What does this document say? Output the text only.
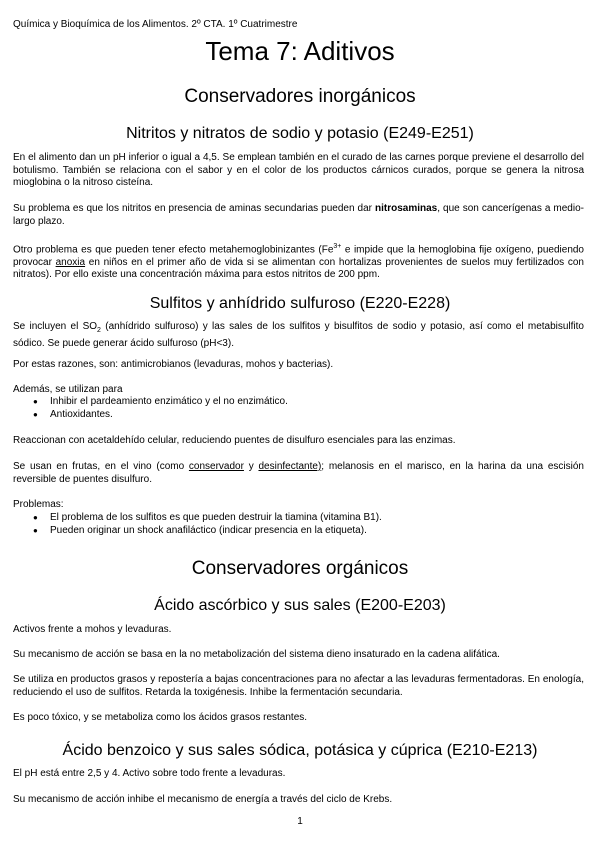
Química y Bioquímica de los Alimentos. 2º CTA. 1º Cuatrimestre
Tema 7: Aditivos
Conservadores inorgánicos
Nitritos y nitratos de sodio y potasio (E249-E251)
En el alimento dan un pH inferior o igual a 4,5. Se emplean también en el curado de las carnes porque previene el desarrollo del botulismo. También se relaciona con el sabor y en el color de los productos cárnicos curados, porque se genera la nitrosa mioglobina o la nitroso cisteína.
Su problema es que los nitritos en presencia de aminas secundarias pueden dar nitrosaminas, que son cancerígenas a medio-largo plazo.
Otro problema es que pueden tener efecto metahemoglobinizantes ($Fe^{3+}$ e impide que la hemoglobina fije oxígeno, puediendo provocar anoxia en niños en el primer año de vida si se alimentan con hortalizas provenientes de suelos muy fertilizados con nitratos). Por ello existe una concentración máxima para estos nitritos de 200 ppm.
Sulfitos y anhídrido sulfuroso (E220-E228)
Se incluyen el $SO_2$ (anhídrido sulfuroso) y las sales de los sulfitos y bisulfitos de sodio y potasio, así como el metabisulfito sódico. Se puede generar ácido sulfuroso (pH<3).
Por estas razones, son: antimicrobianos (levaduras, mohos y bacterias).
Además, se utilizan para
● Inhibir el pardeamiento enzimático y el no enzimático.
● Antioxidantes.
Reaccionan con acetaldehído celular, reduciendo puentes de disulfuro esenciales para las enzimas.
Se usan en frutas, en el vino (como conservador y desinfectante); melanosis en el marisco, en la harina da una escisión reversible de puentes disulfuro.
Problemas:
● El problema de los sulfitos es que pueden destruir la tiamina (vitamina B1).
● Pueden originar un shock anafiláctico (indicar presencia en la etiqueta).
Conservadores orgánicos
Ácido ascórbico y sus sales (E200-E203)
Activos frente a mohos y levaduras.
Su mecanismo de acción se basa en la no metabolización del sistema dieno insaturado en la cadena alifática.
Se utiliza en productos grasos y repostería a bajas concentraciones para no afectar a las levaduras fermentadoras. En enología, reduciendo el uso de sulfitos. Retarda la toxigénesis. Inhibe la fermentación secundaria.
Es poco tóxico, y se metaboliza como los ácidos grasos restantes.
Ácido benzoico y sus sales sódica, potásica y cúprica (E210-E213)
El pH está entre 2,5 y 4. Activo sobre todo frente a levaduras.
Su mecanismo de acción inhibe el mecanismo de energía a través del ciclo de Krebs.
1
